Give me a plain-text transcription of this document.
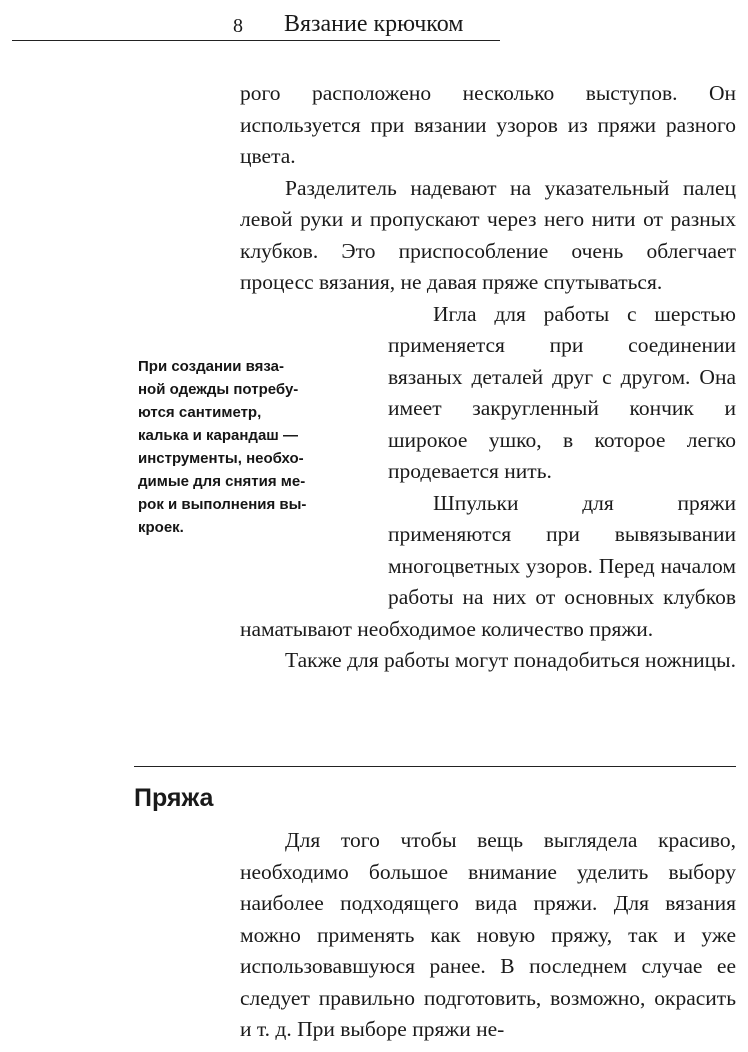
8 Вязание крючком

рого расположено несколько выступов. Он используется при вязании узоров из пряжи разного цвета.

Разделитель надевают на указательный палец левой руки и пропускают через него нити от разных клубков. Это приспособление очень облегчает процесс вязания, не давая пряже спутываться.

Игла для работы с шерстью применяется при соединении вязаных деталей друг с другом. Она имеет закругленный кончик и широкое ушко, в которое легко продевается нить.

Шпульки для пряжи применяются при вывязывании многоцветных узоров. Перед началом работы на них от основных клубков наматывают необходимое количество пряжи.

Также для работы могут понадобиться ножницы.

При создании вяза-
ной одежды потребу-
ются сантиметр,
калька и карандаш —
инструменты, необхо-
димые для снятия ме-
рок и выполнения вы-
кроек.
Пряжа

Для того чтобы вещь выглядела красиво, необходимо большое внимание уделить выбору наиболее подходящего вида пряжи. Для вязания можно применять как новую пряжу, так и уже использовавшуюся ранее. В последнем случае ее следует правильно подготовить, возможно, окрасить и т. д. При выборе пряжи не-
